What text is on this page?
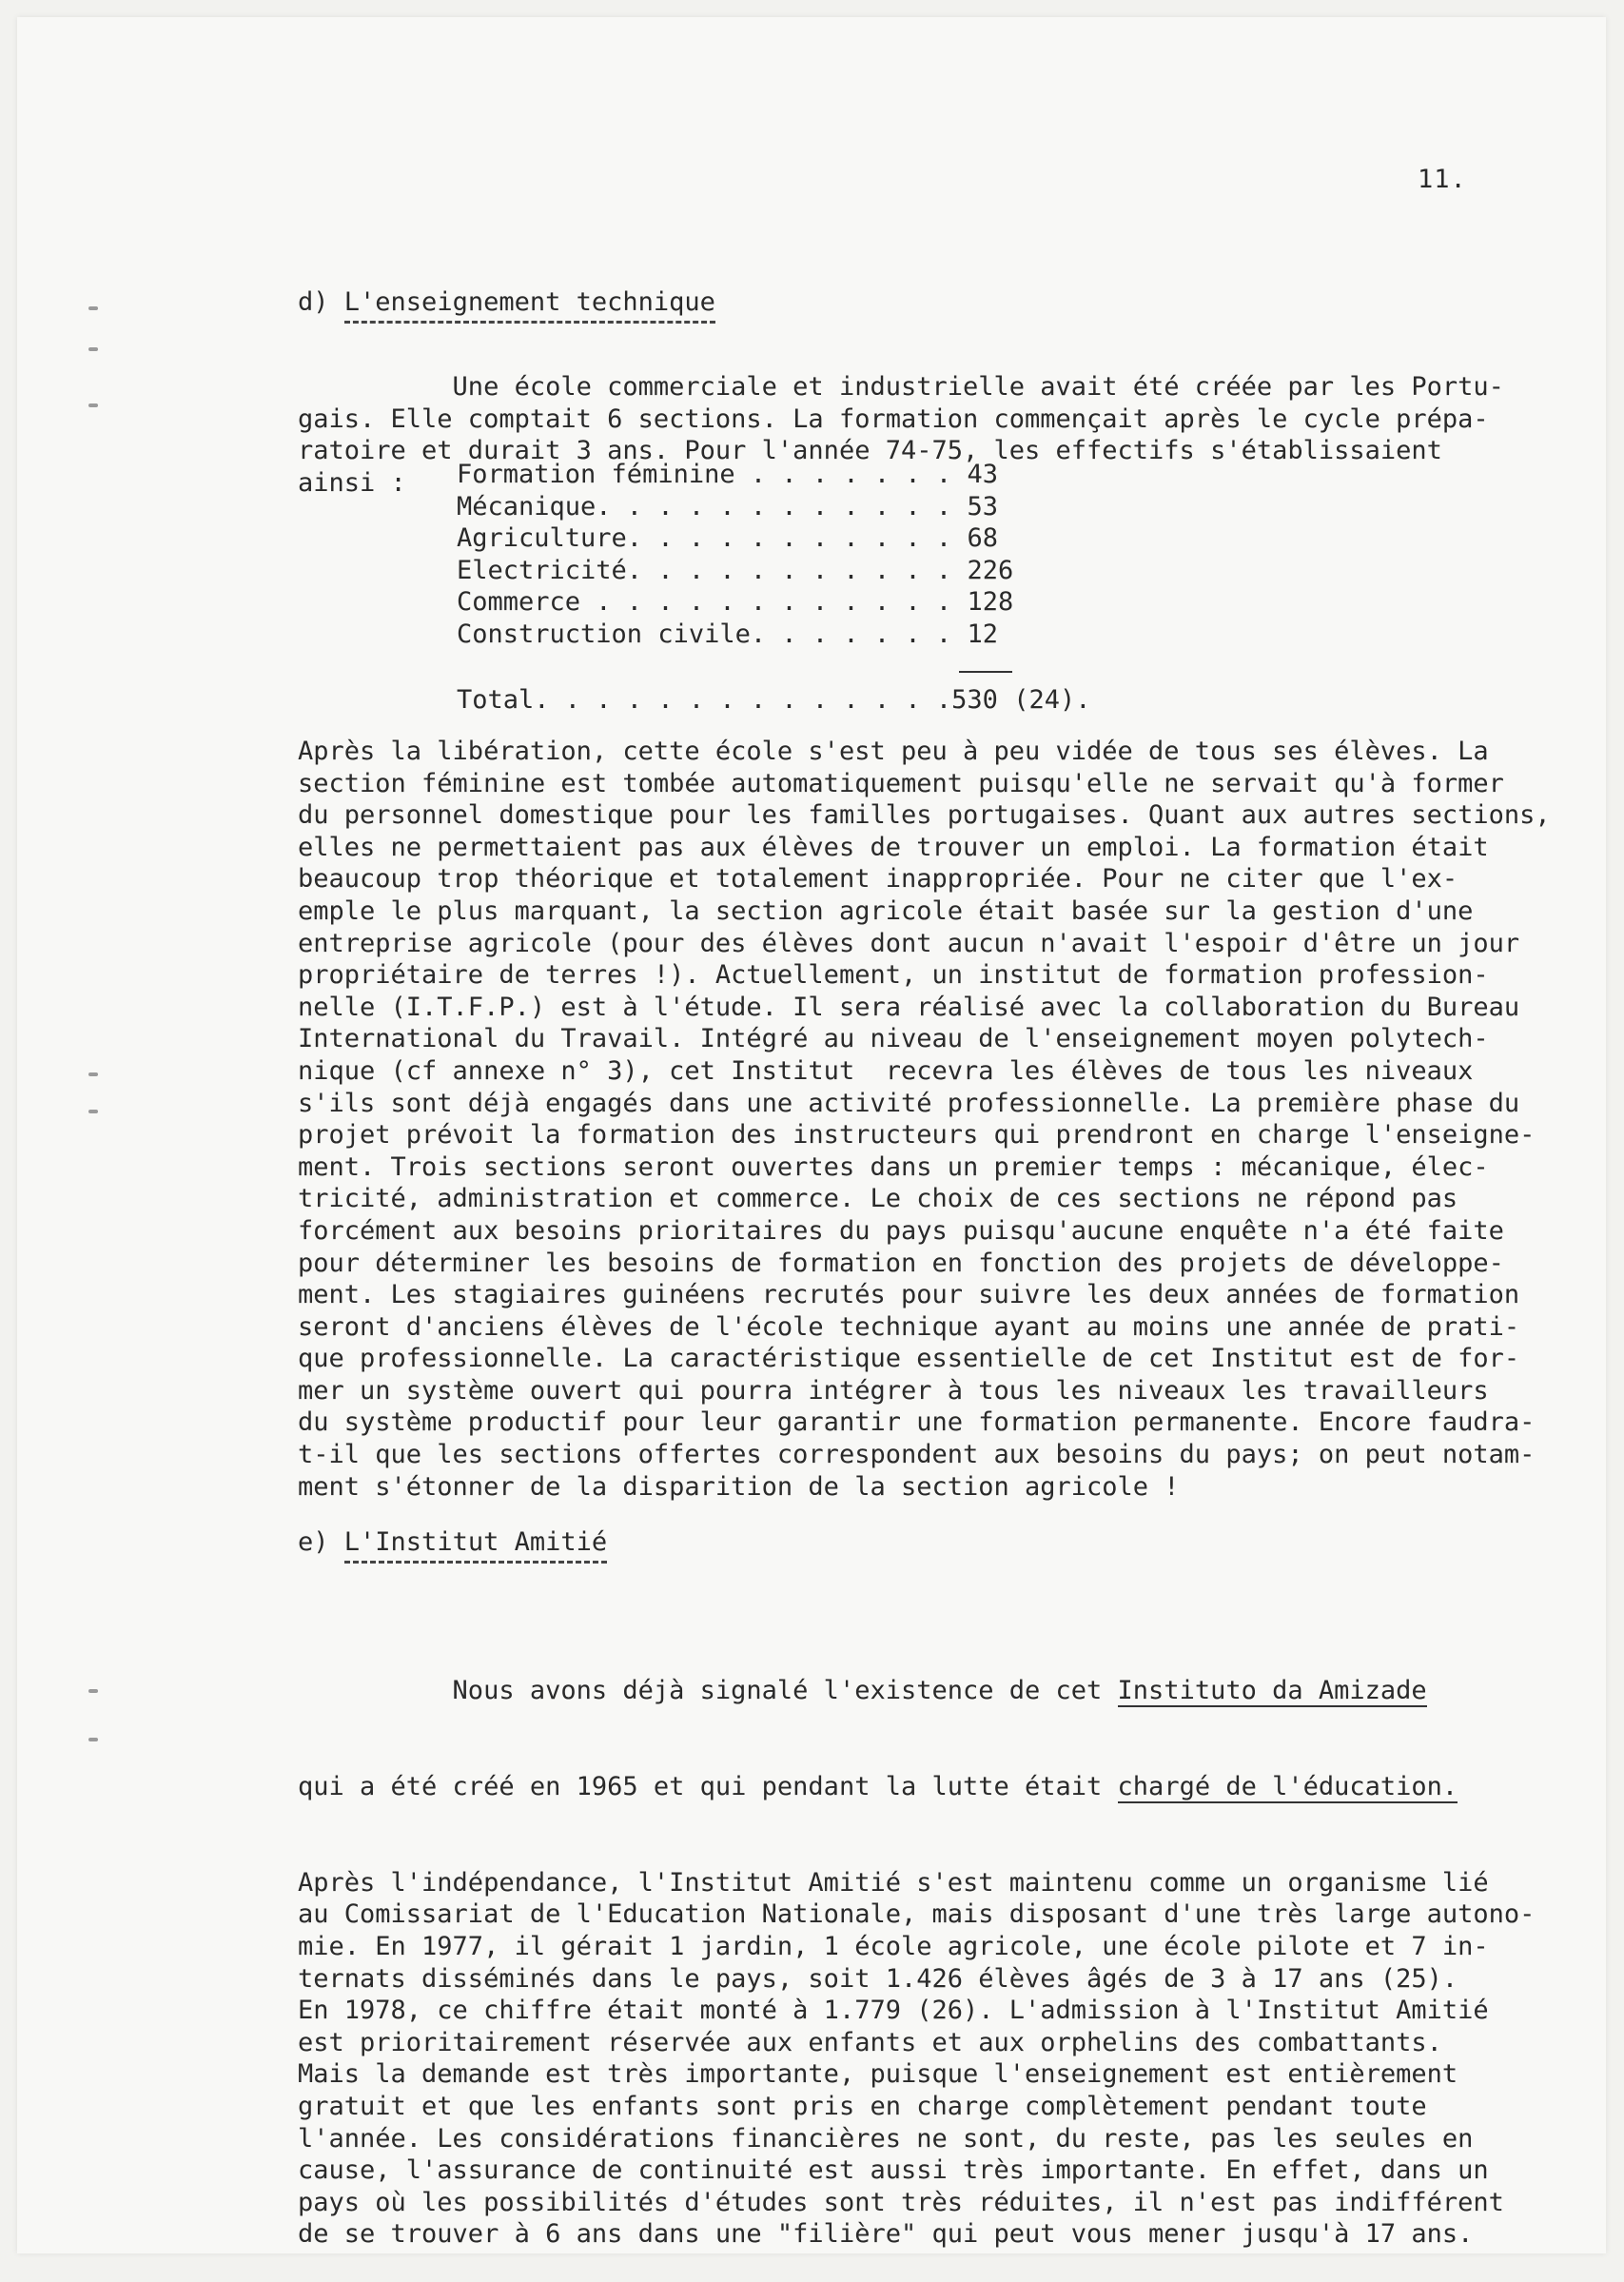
11.
d) L'enseignement technique
Une école commerciale et industrielle avait été créée par les Portu-
gais. Elle comptait 6 sections. La formation commençait après le cycle prépa-
ratoire et durait 3 ans. Pour l'année 74-75, les effectifs s'établissaient
ainsi :	Formation féminine . . . . . . . 43
Mécanique. . . . . . . . . . . . 53
Agriculture. . . . . . . . . . . 68
Electricité. . . . . . . . . . . 226
Commerce . . . . . . . . . . . . 128
Construction civile. . . . . . . 12
Total. . . . . . . . . . . . . .530 (24).
Après la libération, cette école s'est peu à peu vidée de tous ses élèves. La
section féminine est tombée automatiquement puisqu'elle ne servait qu'à former
du personnel domestique pour les familles portugaises. Quant aux autres sections,
elles ne permettaient pas aux élèves de trouver un emploi. La formation était
beaucoup trop théorique et totalement inappropriée. Pour ne citer que l'ex-
emple le plus marquant, la section agricole était basée sur la gestion d'une
entreprise agricole (pour des élèves dont aucun n'avait l'espoir d'être un jour
propriétaire de terres !). Actuellement, un institut de formation profession-
nelle (I.T.F.P.) est à l'étude. Il sera réalisé avec la collaboration du Bureau
International du Travail. Intégré au niveau de l'enseignement moyen polytech-
nique (cf annexe n° 3), cet Institut  recevra les élèves de tous les niveaux
s'ils sont déjà engagés dans une activité professionnelle. La première phase du
projet prévoit la formation des instructeurs qui prendront en charge l'enseigne-
ment. Trois sections seront ouvertes dans un premier temps : mécanique, élec-
tricité, administration et commerce. Le choix de ces sections ne répond pas
forcément aux besoins prioritaires du pays puisqu'aucune enquête n'a été faite
pour déterminer les besoins de formation en fonction des projets de développe-
ment. Les stagiaires guinéens recrutés pour suivre les deux années de formation
seront d'anciens élèves de l'école technique ayant au moins une année de prati-
que professionnelle. La caractéristique essentielle de cet Institut est de for-
mer un système ouvert qui pourra intégrer à tous les niveaux les travailleurs
du système productif pour leur garantir une formation permanente. Encore faudra-
t-il que les sections offertes correspondent aux besoins du pays; on peut notam-
ment s'étonner de la disparition de la section agricole !
e) L'Institut Amitié

Nous avons déjà signalé l'existence de cet Instituto da Amizade

qui a été créé en 1965 et qui pendant la lutte était chargé de l'éducation.

Après l'indépendance, l'Institut Amitié s'est maintenu comme un organisme lié
au Comissariat de l'Education Nationale, mais disposant d'une très large autono-
mie. En 1977, il gérait 1 jardin, 1 école agricole, une école pilote et 7 in-
ternats disséminés dans le pays, soit 1.426 élèves âgés de 3 à 17 ans (25).
En 1978, ce chiffre était monté à 1.779 (26). L'admission à l'Institut Amitié
est prioritairement réservée aux enfants et aux orphelins des combattants.
Mais la demande est très importante, puisque l'enseignement est entièrement
gratuit et que les enfants sont pris en charge complètement pendant toute
l'année. Les considérations financières ne sont, du reste, pas les seules en
cause, l'assurance de continuité est aussi très importante. En effet, dans un
pays où les possibilités d'études sont très réduites, il n'est pas indifférent
de se trouver à 6 ans dans une "filière" qui peut vous mener jusqu'à 17 ans.
